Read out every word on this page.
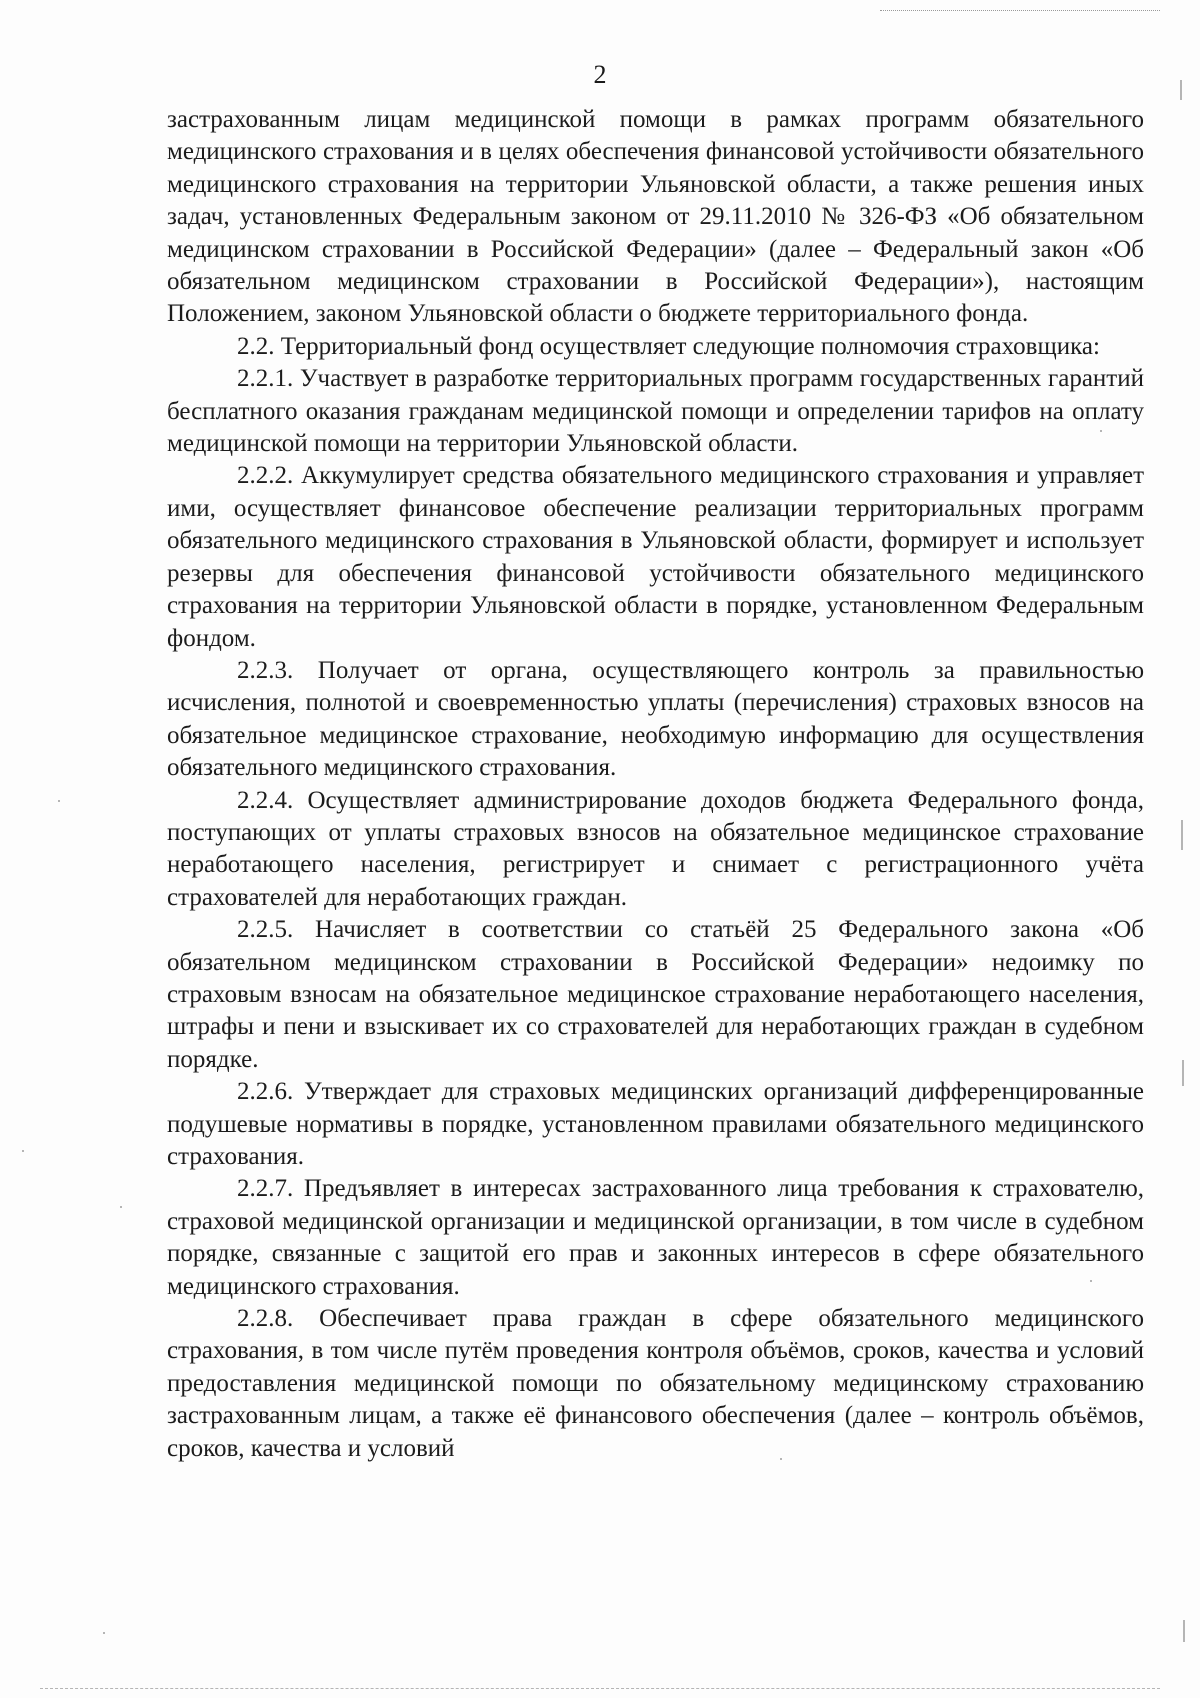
2

застрахованным лицам медицинской помощи в рамках программ обязательного медицинского страхования и в целях обеспечения финансовой устойчивости обязательного медицинского страхования на территории Ульяновской области, а также решения иных задач, установленных Федеральным законом от 29.11.2010 № 326-ФЗ «Об обязательном медицинском страховании в Российской Федерации» (далее – Федеральный закон «Об обязательном медицинском страховании в Российской Федерации»), настоящим Положением, законом Ульяновской области о бюджете территориального фонда.

2.2. Территориальный фонд осуществляет следующие полномочия страховщика:

2.2.1. Участвует в разработке территориальных программ государственных гарантий бесплатного оказания гражданам медицинской помощи и определении тарифов на оплату медицинской помощи на территории Ульяновской области.

2.2.2. Аккумулирует средства обязательного медицинского страхования и управляет ими, осуществляет финансовое обеспечение реализации территориальных программ обязательного медицинского страхования в Ульяновской области, формирует и использует резервы для обеспечения финансовой устойчивости обязательного медицинского страхования на территории Ульяновской области в порядке, установленном Федеральным фондом.

2.2.3. Получает от органа, осуществляющего контроль за правильностью исчисления, полнотой и своевременностью уплаты (перечисления) страховых взносов на обязательное медицинское страхование, необходимую информацию для осуществления обязательного медицинского страхования.

2.2.4. Осуществляет администрирование доходов бюджета Федерального фонда, поступающих от уплаты страховых взносов на обязательное медицинское страхование неработающего населения, регистрирует и снимает с регистрационного учёта страхователей для неработающих граждан.

2.2.5. Начисляет в соответствии со статьёй 25 Федерального закона «Об обязательном медицинском страховании в Российской Федерации» недоимку по страховым взносам на обязательное медицинское страхование неработающего населения, штрафы и пени и взыскивает их со страхователей для неработающих граждан в судебном порядке.

2.2.6. Утверждает для страховых медицинских организаций дифференцированные подушевые нормативы в порядке, установленном правилами обязательного медицинского страхования.

2.2.7. Предъявляет в интересах застрахованного лица требования к страхователю, страховой медицинской организации и медицинской организации, в том числе в судебном порядке, связанные с защитой его прав и законных интересов в сфере обязательного медицинского страхования.

2.2.8. Обеспечивает права граждан в сфере обязательного медицинского страхования, в том числе путём проведения контроля объёмов, сроков, качества и условий предоставления медицинской помощи по обязательному медицинскому страхованию застрахованным лицам, а также её финансового обеспечения (далее – контроль объёмов, сроков, качества и условий
